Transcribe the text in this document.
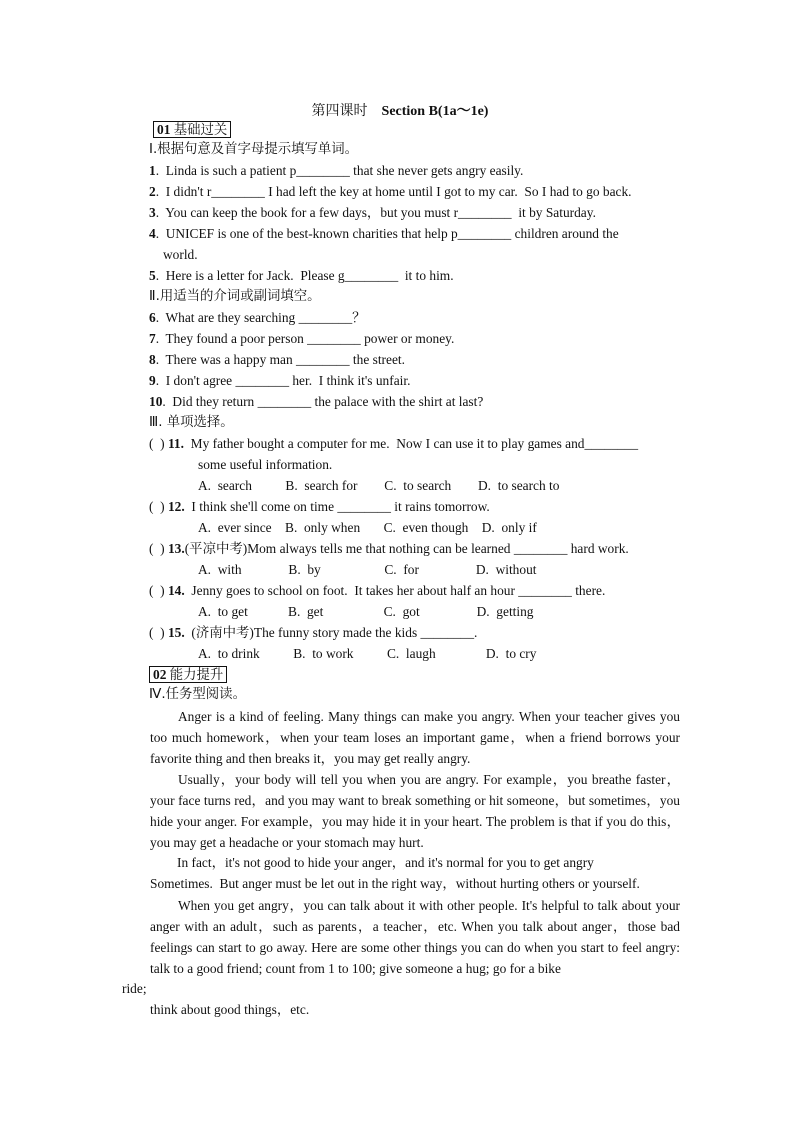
第四课时 Section B(1a～1e)
01 基础过关
Ⅰ.根据句意及首字母提示填写单词。
1.  Linda is such a patient p________ that she never gets angry easily.
2.  I didn't r________ I had left the key at home until I got to my car.  So I had to go back.
3.  You can keep the book for a few days，but you must r________  it by Saturday.
4.  UNICEF is one of the best-known charities that help p________ children around the
world.
5.  Here is a letter for Jack.  Please g________  it to him.
Ⅱ.用适当的介词或副词填空。
6.  What are they searching ________？
7.  They found a poor person ________ power or money.
8.  There was a happy man ________ the street.
9.  I don't agree ________ her.  I think it's unfair.
10.  Did they return ________ the palace with the shirt at last?
Ⅲ. 单项选择。
(  ) 11.  My father bought a computer for me.  Now I can use it to play games and________
some useful information.
A.  search          B.  search for        C.  to search        D.  to search to
(  ) 12.  I think she'll come on time ________ it rains tomorrow.
A.  ever since    B.  only when       C.  even though    D.  only if
(  ) 13.(平凉中考)Mom always tells me that nothing can be learned ________ hard work.
A.  with              B.  by                   C.  for                 D.  without
(  ) 14.  Jenny goes to school on foot.  It takes her about half an hour ________ there.
A.  to get            B.  get                  C.  got                 D.  getting
(  ) 15.  (济南中考)The funny story made the kids ________.
A.  to drink          B.  to work          C.  laugh               D.  to cry
02 能力提升
Ⅳ.任务型阅读。
Anger is a kind of feeling. Many things can make you angry. When your teacher gives you too much homework，when your team loses an important game，when a friend borrows your favorite thing and then breaks it，you may get really angry.
Usually，your body will tell you when you are angry. For example，you breathe faster，your face turns red，and you may want to break something or hit someone，but sometimes，you hide your anger. For example，you may hide it in your heart. The problem is that if you do this，you may get a headache or your stomach may hurt.
In fact，it's not good to hide your anger，and it's normal for you to get angry
Sometimes.  But anger must be let out in the right way，without hurting others or yourself.
When you get angry，you can talk about it with other people. It's helpful to talk about your anger with an adult，such as parents，a teacher，etc. When you talk about anger，those bad feelings can start to go away. Here are some other things you can do when you start to feel angry: talk to a good friend; count from 1 to 100; give someone a hug; go for a bike
ride;
think about good things，etc.
